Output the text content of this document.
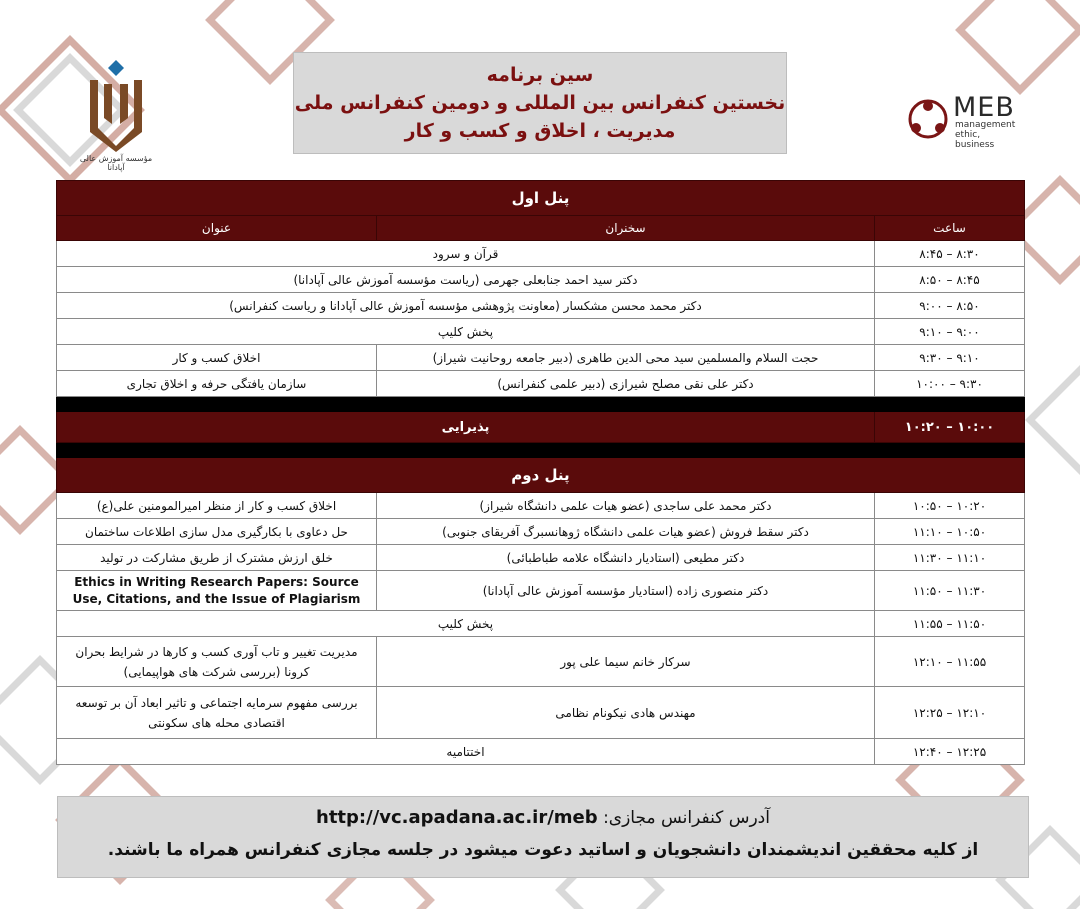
مؤسسه آموزش عالی آپادانا
سین برنامه
نخستین کنفرانس بین المللی و دومین کنفرانس ملی
مدیریت ، اخلاق و کسب و کار
MEB
management
ethic, business
پنل اول		
ساعت	سخنران	عنوان
۸:۳۰ – ۸:۴۵	قرآن و سرود	
۸:۴۵ – ۸:۵۰	دکتر سید احمد جنابعلی جهرمی (ریاست مؤسسه آموزش عالی آپادانا)	
۸:۵۰ – ۹:۰۰	دکتر محمد محسن مشکسار (معاونت پژوهشی مؤسسه آموزش عالی آپادانا و ریاست کنفرانس)	
۹:۰۰ – ۹:۱۰	پخش کلیپ	
۹:۱۰ – ۹:۳۰	حجت السلام والمسلمین سید محی الدین طاهری (دبیر جامعه روحانیت شیراز)	اخلاق کسب و کار
۹:۳۰ – ۱۰:۰۰	دکتر علی نقی مصلح شیرازی (دبیر علمی کنفرانس)	سازمان یافتگی حرفه و اخلاق تجاری

۱۰:۰۰ – ۱۰:۲۰	پذیرایی	

پنل دوم		
۱۰:۲۰ – ۱۰:۵۰	دکتر محمد علی ساجدی (عضو هیات علمی دانشگاه شیراز)	اخلاق کسب و کار از منظر امیرالمومنین علی(ع)
۱۰:۵۰ – ۱۱:۱۰	دکتر سقط فروش (عضو هیات علمی دانشگاه ژوهانسبرگ آفریقای جنوبی)	حل دعاوی با بکارگیری مدل سازی اطلاعات ساختمان
۱۱:۱۰ – ۱۱:۳۰	دکتر مطیعی (استادیار دانشگاه علامه طباطبائی)	خلق ارزش مشترک از طریق مشارکت در تولید
۱۱:۳۰ – ۱۱:۵۰	دکتر منصوری زاده (استادیار مؤسسه آموزش عالی آپادانا)	Ethics in Writing Research Papers: Source Use, Citations, and the Issue of Plagiarism
۱۱:۵۰ – ۱۱:۵۵	پخش کلیپ	
۱۱:۵۵ – ۱۲:۱۰	سرکار خانم سیما علی پور	مدیریت تغییر و تاب آوری کسب و کارها در شرایط بحران کرونا (بررسی شرکت های هواپیمایی)
۱۲:۱۰ – ۱۲:۲۵	مهندس هادی نیکونام نظامی	بررسی مفهوم سرمایه اجتماعی و تاثیر ابعاد آن بر توسعه اقتصادی محله های سکونتی
۱۲:۲۵ – ۱۲:۴۰	اختتامیه	
آدرس کنفرانس مجازی: http://vc.apadana.ac.ir/meb
از کلیه محققین اندیشمندان دانشجویان و اساتید دعوت میشود در جلسه مجازی کنفرانس همراه ما باشند.
